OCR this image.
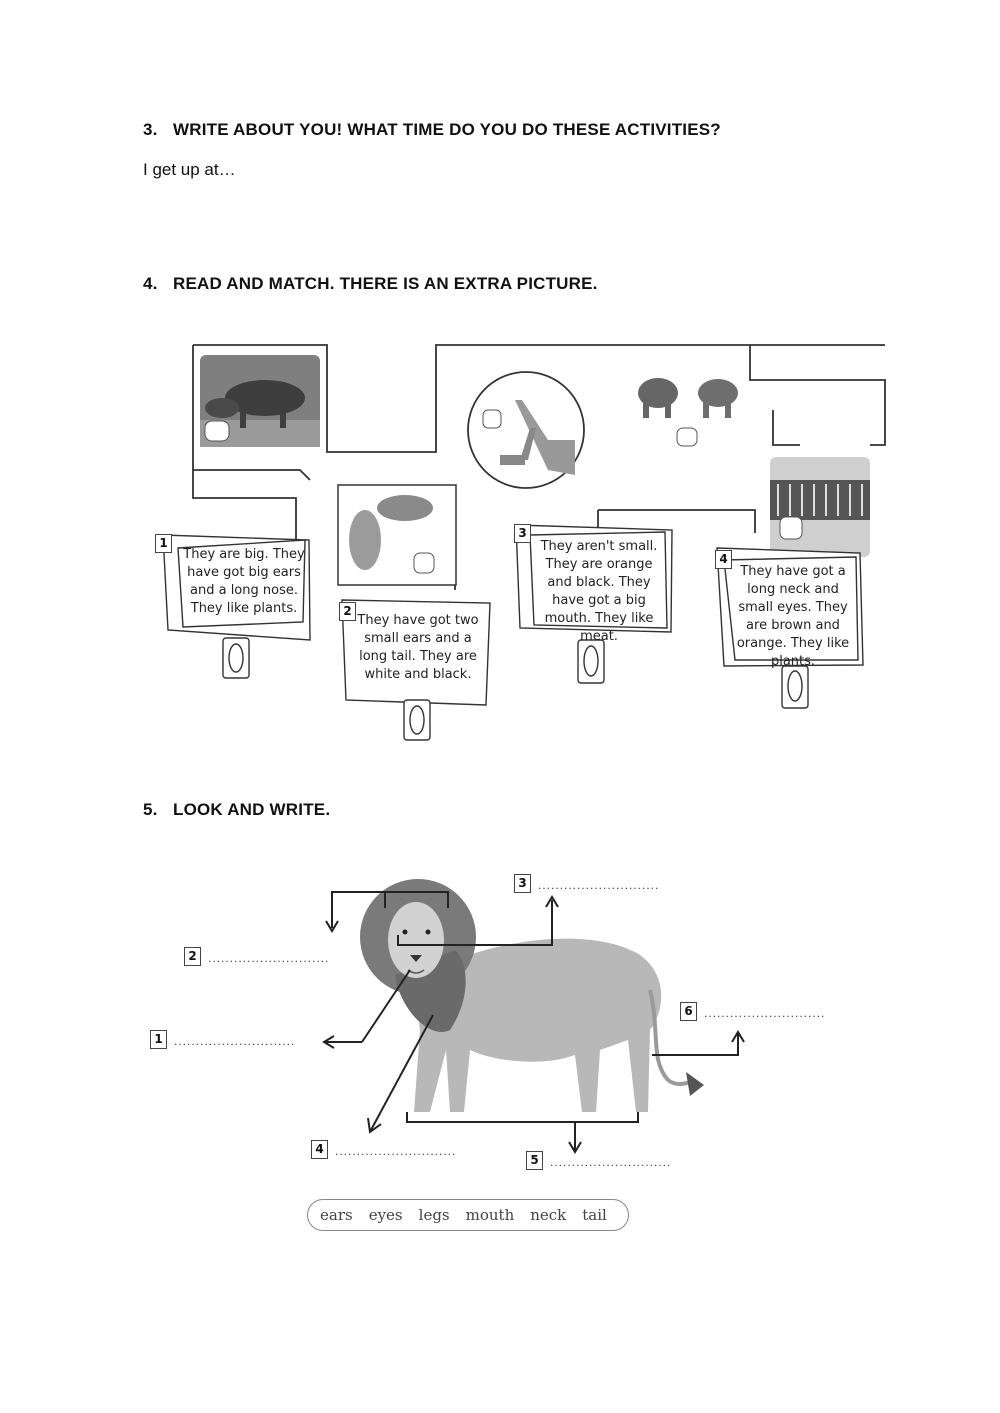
3. WRITE ABOUT YOU! WHAT TIME DO YOU DO THESE ACTIVITIES?
I get up at…
4. READ AND MATCH. THERE IS AN EXTRA PICTURE.
1
They are big. They have got big ears and a long nose. They like plants.	2
They have got two small ears and a long tail. They are white and black.
3
They aren't small. They are orange and black. They have got a big mouth. They like meat.
4
They have got a long neck and small eyes. They are brown and orange. They like plants.
5. LOOK AND WRITE.
1 ............................
2 ............................
3 ............................
4 ............................
5 ............................
6 ............................
ears eyes legs mouth neck tail
